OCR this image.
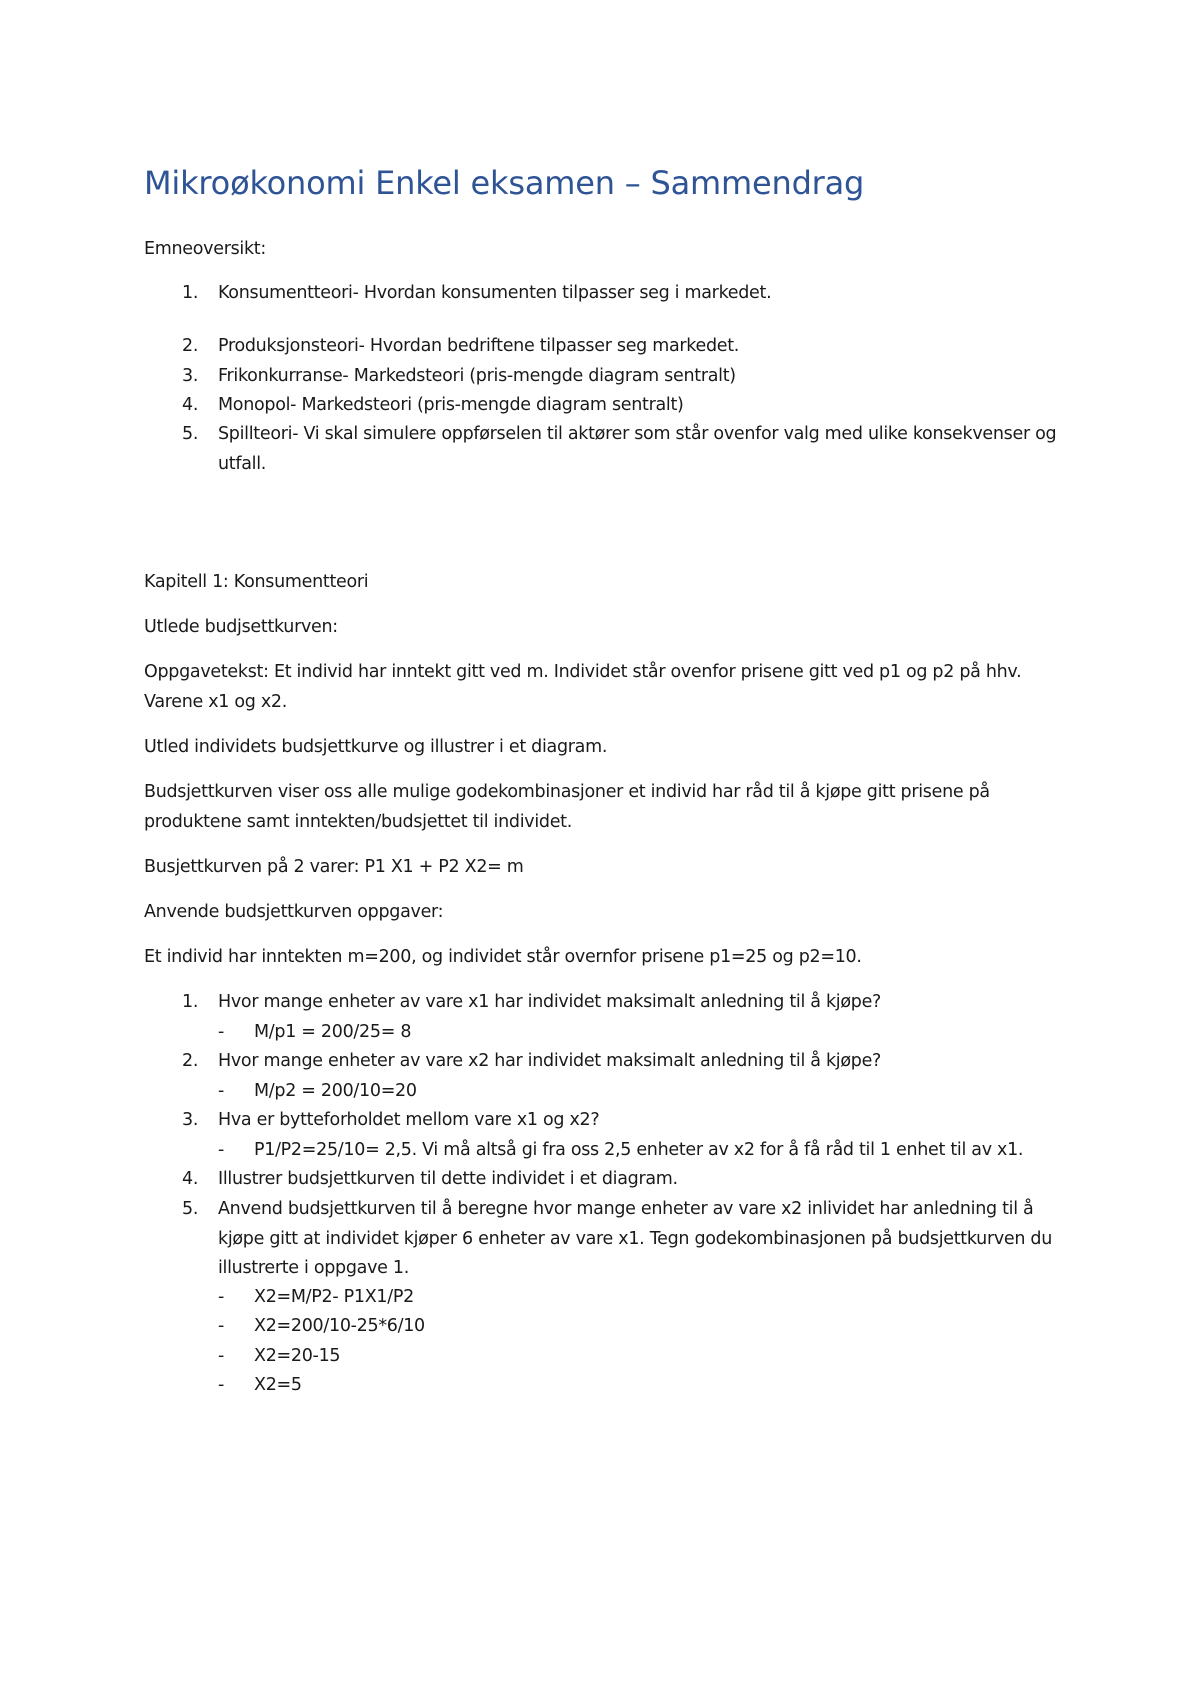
Mikroøkonomi Enkel eksamen – Sammendrag
Emneoversikt:
1.	Konsumentteori- Hvordan konsumenten tilpasser seg i markedet.
2.	Produksjonsteori- Hvordan bedriftene tilpasser seg markedet.
3.	Frikonkurranse- Markedsteori (pris-mengde diagram sentralt)
4.	Monopol- Markedsteori (pris-mengde diagram sentralt)
5.	Spillteori- Vi skal simulere oppførselen til aktører som står ovenfor valg med ulike konsekvenser og utfall.
Kapitell 1: Konsumentteori
Utlede budjsettkurven:
Oppgavetekst: Et individ har inntekt gitt ved m. Individet står ovenfor prisene gitt ved p1 og p2 på hhv. Varene x1 og x2.
Utled individets budsjettkurve og illustrer i et diagram.
Budsjettkurven viser oss alle mulige godekombinasjoner et individ har råd til å kjøpe gitt prisene på produktene samt inntekten/budsjettet til individet.
Busjettkurven på 2 varer: P1 X1 + P2 X2= m
Anvende budsjettkurven oppgaver:
Et individ har inntekten m=200, og individet står overnfor prisene p1=25 og p2=10.
1.	Hvor mange enheter av vare x1 har individet maksimalt anledning til å kjøpe?
- M/p1 = 200/25= 8
2.	Hvor mange enheter av vare x2 har individet maksimalt anledning til å kjøpe?
- M/p2 = 200/10=20
3.	Hva er bytteforholdet mellom vare x1 og x2?
- P1/P2=25/10= 2,5. Vi må altså gi fra oss 2,5 enheter av x2 for å få råd til 1 enhet til av x1.
4.	Illustrer budsjettkurven til dette individet i et diagram.
5.	Anvend budsjettkurven til å beregne hvor mange enheter av vare x2 inlividet har anledning til å kjøpe gitt at individet kjøper 6 enheter av vare x1. Tegn godekombinasjonen på budsjettkurven du illustrerte i oppgave 1.
- X2=M/P2- P1X1/P2
- X2=200/10-25*6/10
- X2=20-15
- X2=5
